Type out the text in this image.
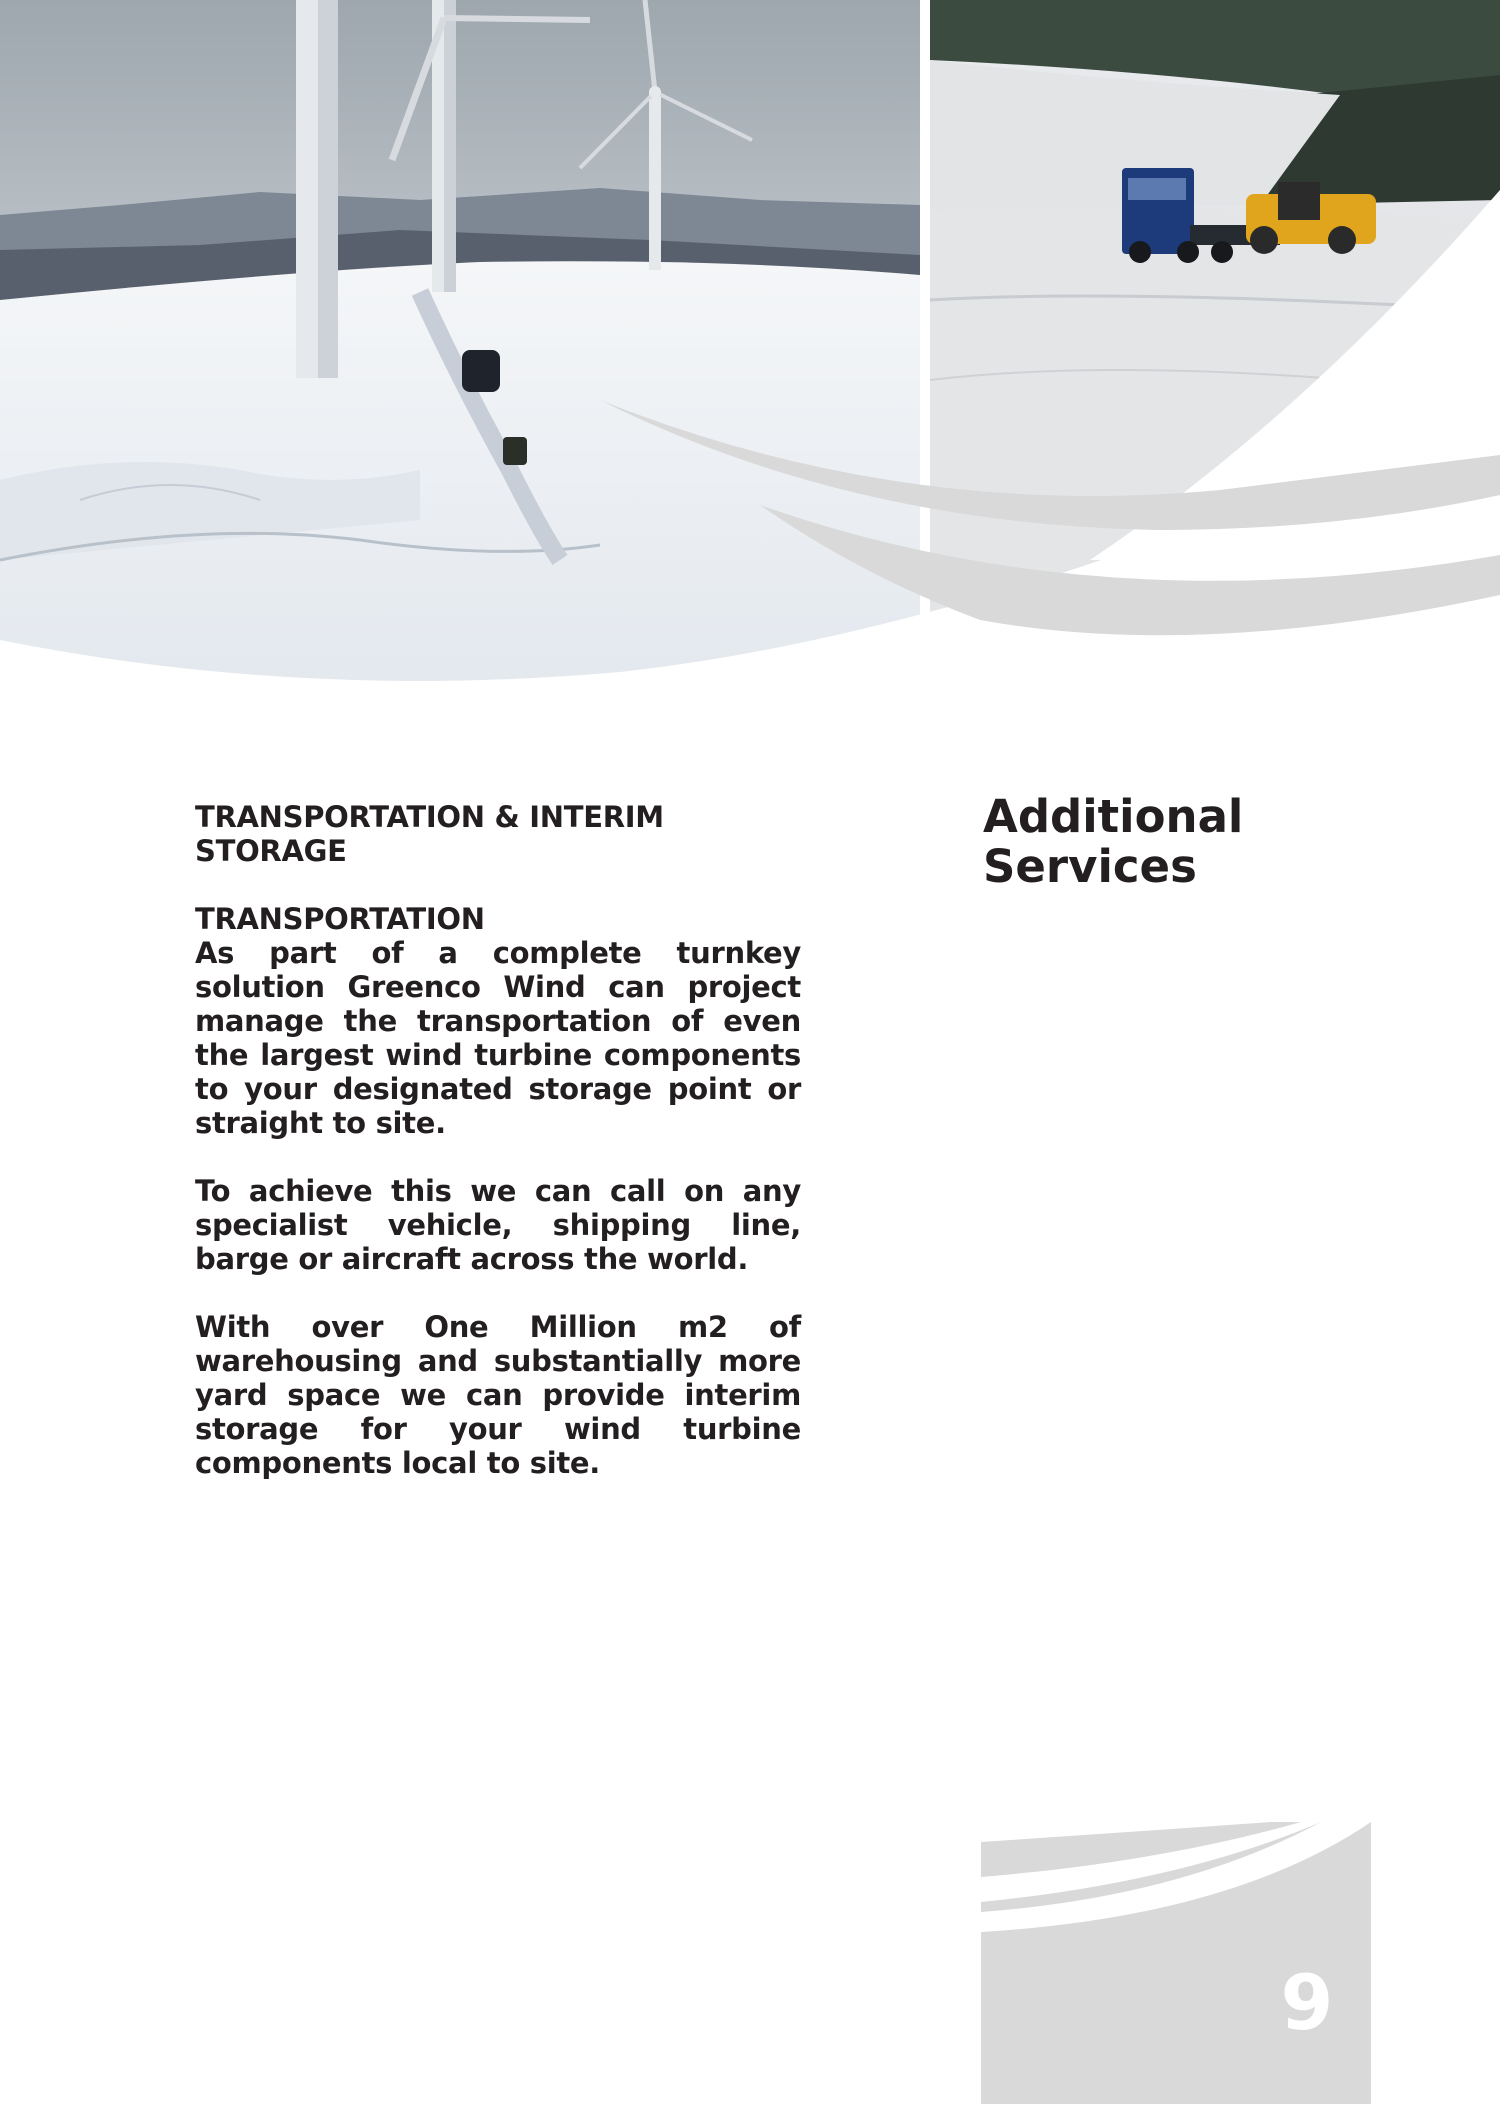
TRANSPORTATION & INTERIM STORAGE
TRANSPORTATION

As part of a complete turnkey solution Greenco Wind can project manage the transportation of even the largest wind turbine components to your designated storage point or straight to site.

To achieve this we can call on any specialist vehicle, shipping line, barge or aircraft across the world.

With over One Million m2 of warehousing and substantially more yard space we can provide interim storage for your wind turbine components local to site.

Additional
Services
9
